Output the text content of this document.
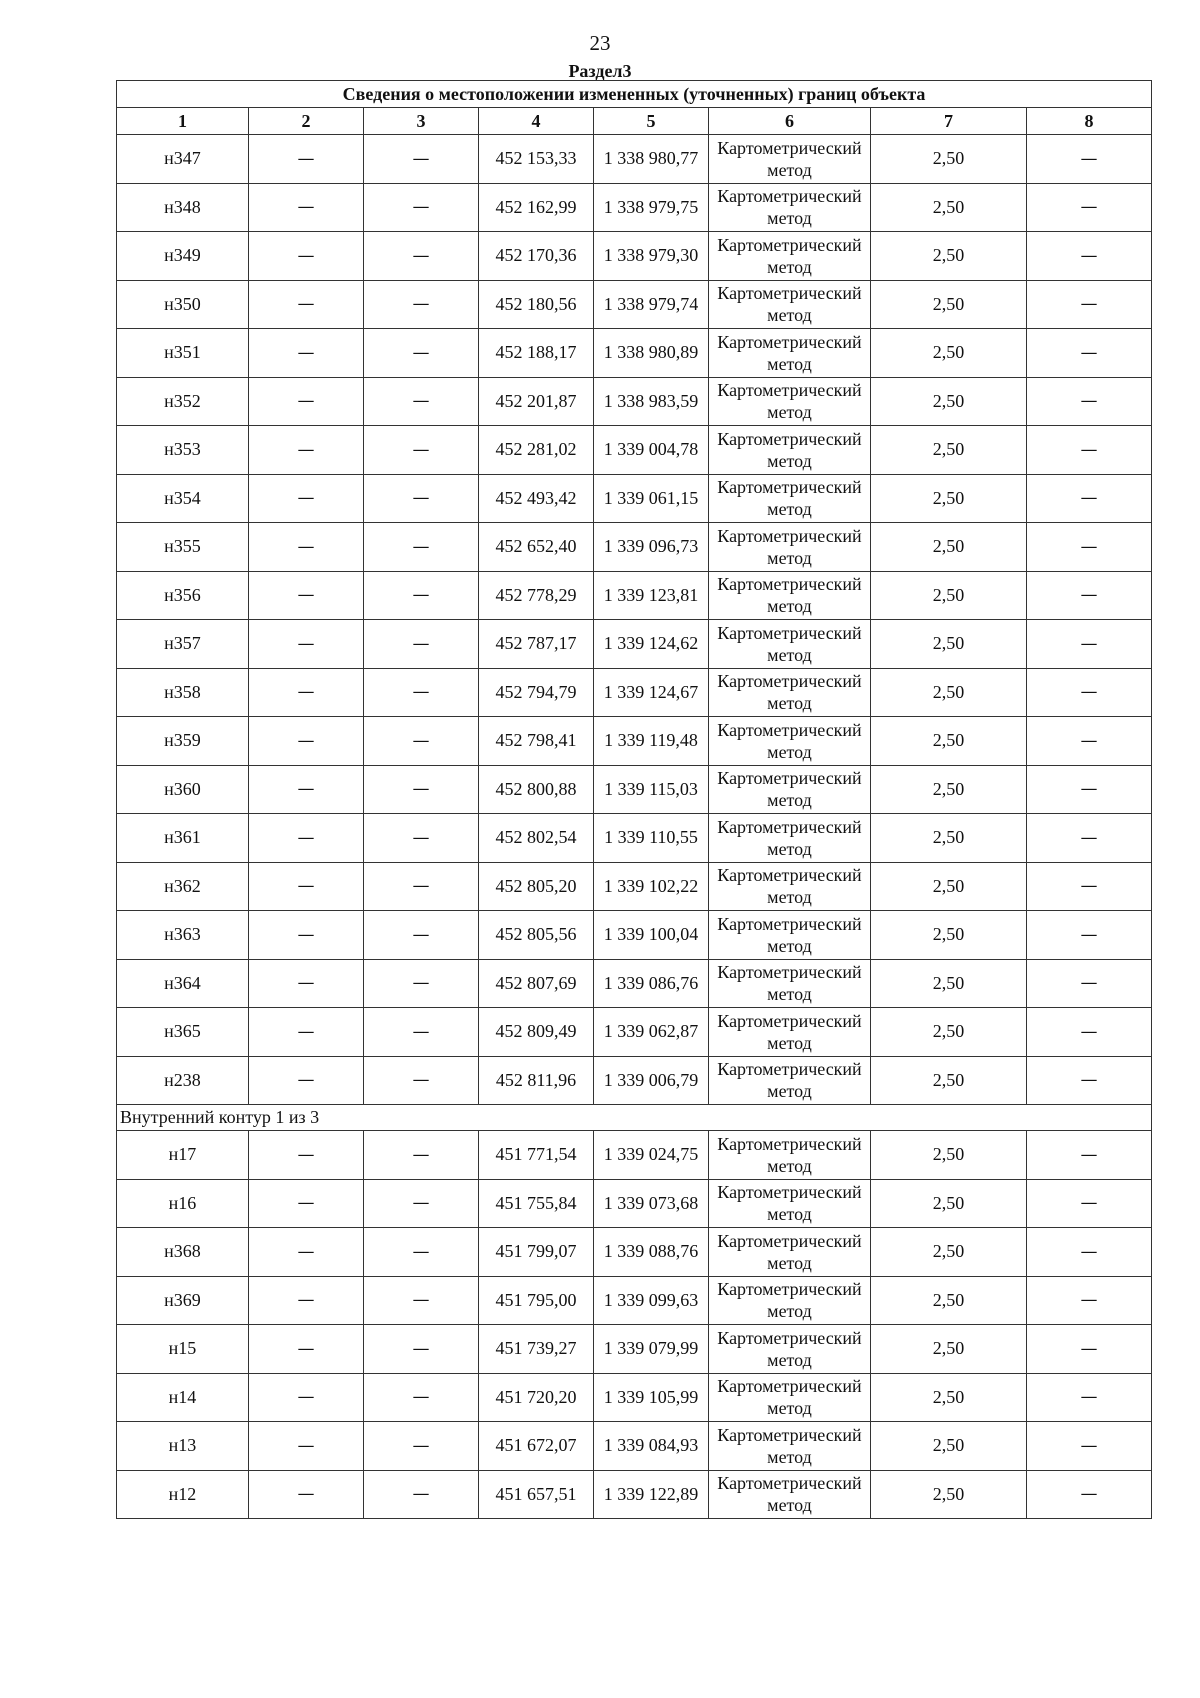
23
Раздел3
Сведения о местоположении измененных (уточненных) границ объекта							
1	2	3	4	5	6	7	8
н347	—	—	452 153,33	1 338 980,77	Картометрический метод	2,50	—
н348	—	—	452 162,99	1 338 979,75	Картометрический метод	2,50	—
н349	—	—	452 170,36	1 338 979,30	Картометрический метод	2,50	—
н350	—	—	452 180,56	1 338 979,74	Картометрический метод	2,50	—
н351	—	—	452 188,17	1 338 980,89	Картометрический метод	2,50	—
н352	—	—	452 201,87	1 338 983,59	Картометрический метод	2,50	—
н353	—	—	452 281,02	1 339 004,78	Картометрический метод	2,50	—
н354	—	—	452 493,42	1 339 061,15	Картометрический метод	2,50	—
н355	—	—	452 652,40	1 339 096,73	Картометрический метод	2,50	—
н356	—	—	452 778,29	1 339 123,81	Картометрический метод	2,50	—
н357	—	—	452 787,17	1 339 124,62	Картометрический метод	2,50	—
н358	—	—	452 794,79	1 339 124,67	Картометрический метод	2,50	—
н359	—	—	452 798,41	1 339 119,48	Картометрический метод	2,50	—
н360	—	—	452 800,88	1 339 115,03	Картометрический метод	2,50	—
н361	—	—	452 802,54	1 339 110,55	Картометрический метод	2,50	—
н362	—	—	452 805,20	1 339 102,22	Картометрический метод	2,50	—
н363	—	—	452 805,56	1 339 100,04	Картометрический метод	2,50	—
н364	—	—	452 807,69	1 339 086,76	Картометрический метод	2,50	—
н365	—	—	452 809,49	1 339 062,87	Картометрический метод	2,50	—
н238	—	—	452 811,96	1 339 006,79	Картометрический метод	2,50	—
Внутренний контур 1 из 3							
н17	—	—	451 771,54	1 339 024,75	Картометрический метод	2,50	—
н16	—	—	451 755,84	1 339 073,68	Картометрический метод	2,50	—
н368	—	—	451 799,07	1 339 088,76	Картометрический метод	2,50	—
н369	—	—	451 795,00	1 339 099,63	Картометрический метод	2,50	—
н15	—	—	451 739,27	1 339 079,99	Картометрический метод	2,50	—
н14	—	—	451 720,20	1 339 105,99	Картометрический метод	2,50	—
н13	—	—	451 672,07	1 339 084,93	Картометрический метод	2,50	—
н12	—	—	451 657,51	1 339 122,89	Картометрический метод	2,50	—
